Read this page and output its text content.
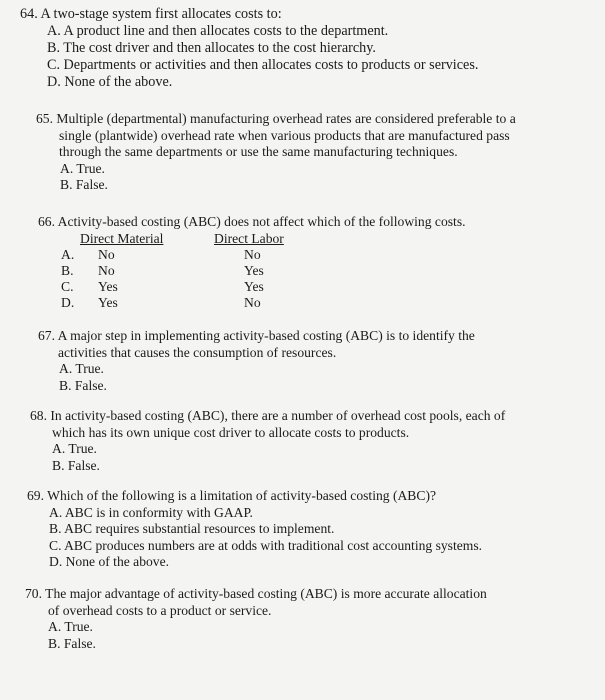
64. A two-stage system first allocates costs to:
A. A product line and then allocates costs to the department.
B. The cost driver and then allocates to the cost hierarchy.
C. Departments or activities and then allocates costs to products or services.
D. None of the above.
65. Multiple (departmental) manufacturing overhead rates are considered preferable to a
single (plantwide) overhead rate when various products that are manufactured pass
through the same departments or use the same manufacturing techniques.
A. True.
B. False.
66. Activity-based costing (ABC) does not affect which of the following costs.
Direct Material	Direct Labor
A. No	No
B. No	Yes
C. Yes	Yes
D. Yes	No
67. A major step in implementing activity-based costing (ABC) is to identify the
activities that causes the consumption of resources.
A. True.
B. False.
68. In activity-based costing (ABC), there are a number of overhead cost pools, each of
which has its own unique cost driver to allocate costs to products.
A. True.
B. False.
69. Which of the following is a limitation of activity-based costing (ABC)?
A. ABC is in conformity with GAAP.
B. ABC requires substantial resources to implement.
C. ABC produces numbers are at odds with traditional cost accounting systems.
D. None of the above.
70. The major advantage of activity-based costing (ABC) is more accurate allocation
of overhead costs to a product or service.
A. True.
B. False.
